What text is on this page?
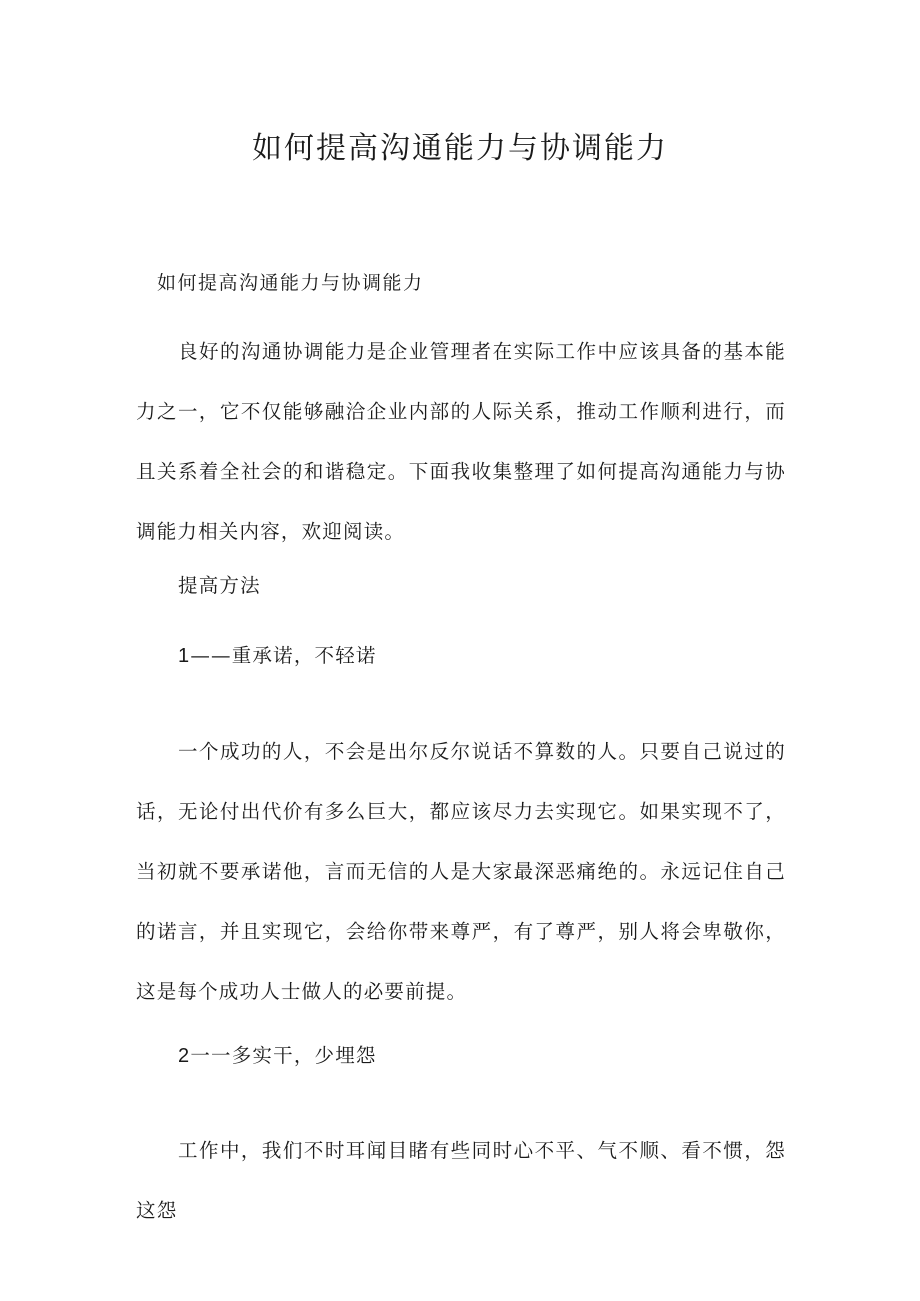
如何提高沟通能力与协调能力

如何提高沟通能力与协调能力

良好的沟通协调能力是企业管理者在实际工作中应该具备的基本能力之一，它不仅能够融洽企业内部的人际关系，推动工作顺利进行，而且关系着全社会的和谐稳定。下面我收集整理了如何提高沟通能力与协调能力相关内容，欢迎阅读。

提高方法

1——重承诺，不轻诺

一个成功的人，不会是出尔反尔说话不算数的人。只要自己说过的话，无论付出代价有多么巨大，都应该尽力去实现它。如果实现不了，当初就不要承诺他，言而无信的人是大家最深恶痛绝的。永远记住自己的诺言，并且实现它，会给你带来尊严，有了尊严，别人将会卑敬你，这是每个成功人士做人的必要前提。

2一一多实干，少埋怨

工作中，我们不时耳闻目睹有些同时心不平、气不顺、看不惯，怨这怨
